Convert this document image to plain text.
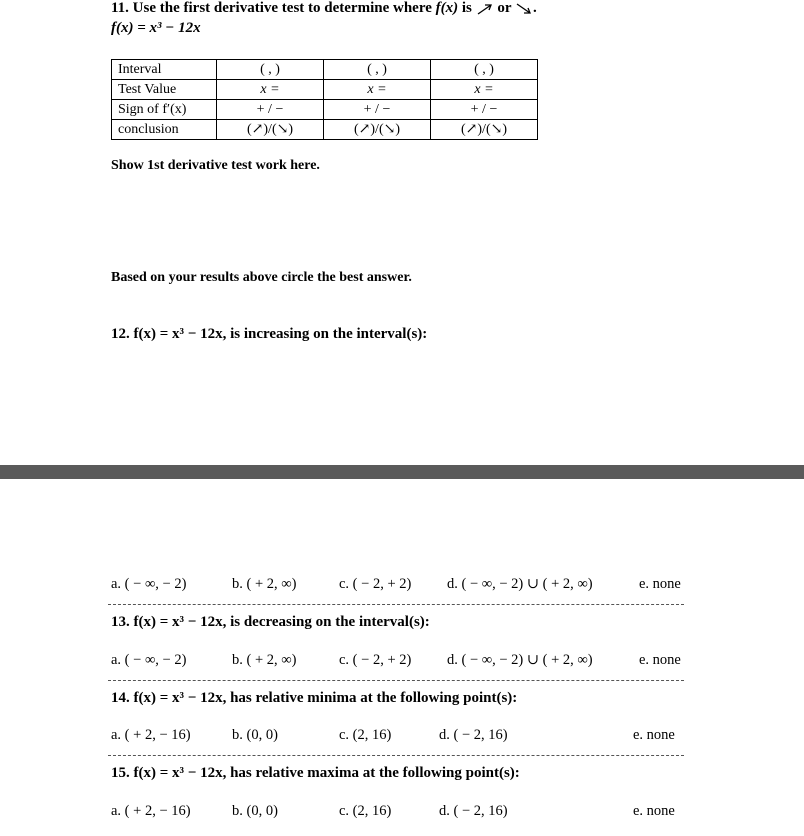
11. Use the first derivative test to determine where f(x) is or .
f(x) = x³ − 12x
Interval	( , )	( , )	( , )
Test Value	x =	x =	x =
Sign of f′(x)	+ / −	+ / −	+ / −
conclusion	(↗)/(↘)	(↗)/(↘)	(↗)/(↘)
Show 1st derivative test work here.
Based on your results above circle the best answer.
12. f(x) = x³ − 12x, is increasing on the interval(s):
a. ( − ∞, − 2)	b. ( + 2, ∞)	c. ( − 2, + 2) d. ( − ∞, − 2) ∪ ( + 2, ∞)	e. none
13. f(x) = x³ − 12x, is decreasing on the interval(s):
a. ( − ∞, − 2)	b. ( + 2, ∞)	c. ( − 2, + 2) d. ( − ∞, − 2) ∪ ( + 2, ∞)	e. none
14. f(x) = x³ − 12x, has relative minima at the following point(s):
a. ( + 2, − 16)	b. (0, 0)	c. (2, 16)	d. ( − 2, 16)	e. none
15. f(x) = x³ − 12x, has relative maxima at the following point(s):
a. ( + 2, − 16)	b. (0, 0)	c. (2, 16)	d. ( − 2, 16)	e. none
